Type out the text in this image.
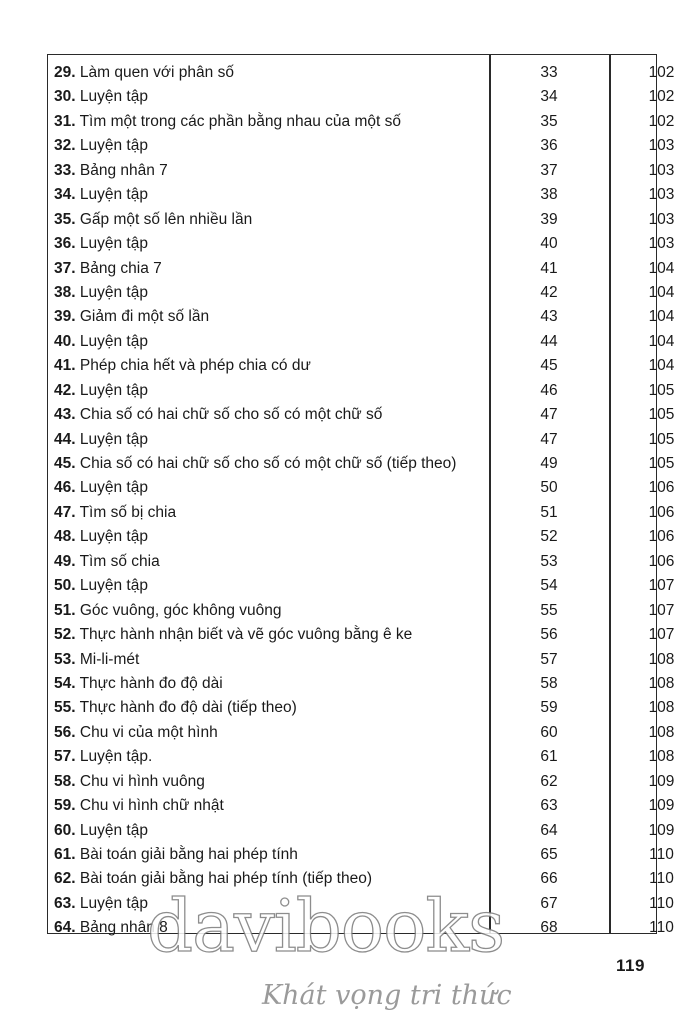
29. Làm quen với phân số	33	102
30. Luyện tập	34	102
31. Tìm một trong các phần bằng nhau của một số	35	102
32. Luyện tập	36	103
33. Bảng nhân 7	37	103
34. Luyện tập	38	103
35. Gấp một số lên nhiều lần	39	103
36. Luyện tập	40	103
37. Bảng chia 7	41	104
38. Luyện tập	42	104
39. Giảm đi một số lần	43	104
40. Luyện tập	44	104
41. Phép chia hết và phép chia có dư	45	104
42. Luyện tập	46	105
43. Chia số có hai chữ số cho số có một chữ số	47	105
44. Luyện tập	47	105
45. Chia số có hai chữ số cho số có một chữ số (tiếp theo)	49	105
46. Luyện tập	50	106
47. Tìm số bị chia	51	106
48. Luyện tập	52	106
49. Tìm số chia	53	106
50. Luyện tập	54	107
51. Góc vuông, góc không vuông	55	107
52. Thực hành nhận biết và vẽ góc vuông bằng ê ke	56	107
53. Mi-li-mét	57	108
54. Thực hành đo độ dài	58	108
55. Thực hành đo độ dài (tiếp theo)	59	108
56. Chu vi của một hình	60	108
57. Luyện tập.	61	108
58. Chu vi hình vuông	62	109
59. Chu vi hình chữ nhật	63	109
60. Luyện tập	64	109
61. Bài toán giải bằng hai phép tính	65	110
62. Bài toán giải bằng hai phép tính (tiếp theo)	66	110
63. Luyện tập	67	110
64. Bảng nhân 8	68	110
119
davibooks
Khát vọng tri thức
